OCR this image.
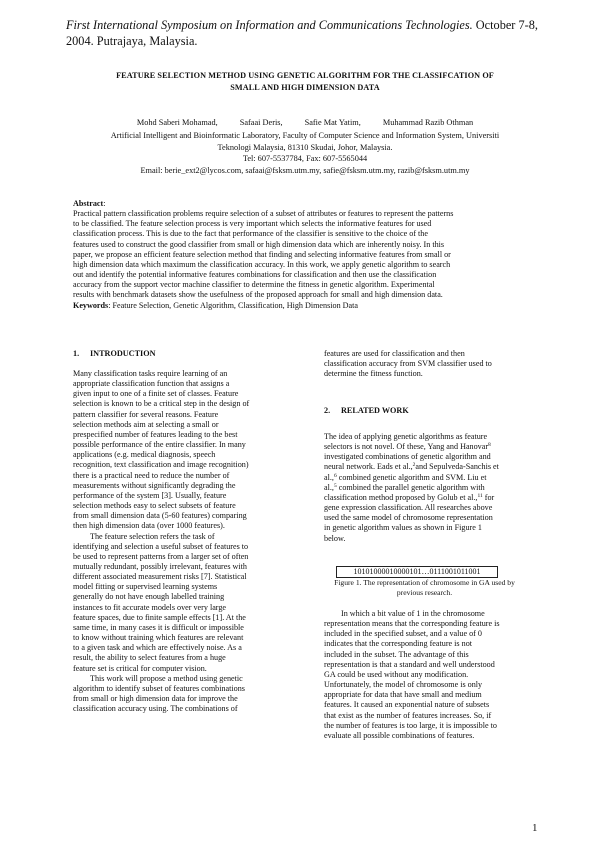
First International Symposium on Information and Communications Technologies. October 7-8,
2004. Putrajaya, Malaysia.
FEATURE SELECTION METHOD USING GENETIC ALGORITHM FOR THE CLASSIFCATION OF
SMALL AND HIGH DIMENSION DATA
Mohd Saberi Mohamad,	Safaai Deris,	Safie Mat Yatim,	Muhammad Razib Othman
Artificial Intelligent and Bioinformatic Laboratory, Faculty of Computer Science and Information System, Universiti
Teknologi Malaysia, 81310 Skudai, Johor, Malaysia.
Tel: 607-5537784, Fax: 607-5565044
Email: berie_ext2@lycos.com, safaai@fsksm.utm.my, safie@fsksm.utm.my, razib@fsksm.utm.my
Abstract:
Practical pattern classification problems require selection of a subset of attributes or features to represent the patterns
to be classified. The feature selection process is very important which selects the informative features for used
classification process. This is due to the fact that performance of the classifier is sensitive to the choice of the
features used to construct the good classifier from small or high dimension data which are inherently noisy. In this
paper, we propose an efficient feature selection method that finding and selecting informative features from small or
high dimension data which maximum the classification accuracy. In this work, we apply genetic algorithm to search
out and identify the potential informative features combinations for classification and then use the classification
accuracy from the support vector machine classifier to determine the fitness in genetic algorithm. Experimental
results with benchmark datasets show the usefulness of the proposed approach for small and high dimension data.
Keywords: Feature Selection, Genetic Algorithm, Classification, High Dimension Data
1. INTRODUCTION

Many classification tasks require learning of an
appropriate classification function that assigns a
given input to one of a finite set of classes. Feature
selection is known to be a critical step in the design of
pattern classifier for several reasons. Feature
selection methods aim at selecting a small or
prespecified number of features leading to the best
possible performance of the entire classifier. In many
applications (e.g. medical diagnosis, speech
recognition, text classification and image recognition)
there is a practical need to reduce the number of
measurements without significantly degrading the
performance of the system [3]. Usually, feature
selection methods easy to select subsets of feature
from small dimension data (5-60 features) comparing
then high dimension data (over 1000 features).

The feature selection refers the task of
identifying and selection a useful subset of features to
be used to represent patterns from a larger set of often
mutually redundant, possibly irrelevant, features with
different associated measurement risks [7]. Statistical
model fitting or supervised learning systems
generally do not have enough labelled training
instances to fit accurate models over very large
feature spaces, due to finite sample effects [1]. At the
same time, in many cases it is difficult or impossible
to know without training which features are relevant
to a given task and which are effectively noise. As a
result, the ability to select features from a huge
feature set is critical for computer vision.

This work will propose a method using genetic
algorithm to identify subset of features combinations
from small or high dimension data for improve the
classification accuracy using. The combinations of

features are used for classification and then
classification accuracy from SVM classifier used to
determine the fitness function.
2. RELATED WORK
The idea of applying genetic algorithms as feature
selectors is not novel. Of these, Yang and Hanovar$^8$
investigated combinations of genetic algorithm and
neural network. Eads et al.,$^2$and Sepulveda-Sanchis et
al.,$^6$ combined genetic algorithm and SVM. Liu et
al.,$^5$ combined the parallel genetic algorithm with
classification method proposed by Golub et al.,$^{11}$ for
gene expression classification. All researches above
used the same model of chromosome representation
in genetic algorithm values as shown in Figure 1
below.
10101000010000101…0111001011001
Figure 1. The representation of chromosome in GA used by
previous research.
In which a bit value of 1 in the chromosome
representation means that the corresponding feature is
included in the specified subset, and a value of 0
indicates that the corresponding feature is not
included in the subset. The advantage of this
representation is that a standard and well understood
GA could be used without any modification.
Unfortunately, the model of chromosome is only
appropriate for data that have small and medium
features. It caused an exponential nature of subsets
that exist as the number of features increases. So, if
the number of features is too large, it is impossible to
evaluate all possible combinations of features.
1
